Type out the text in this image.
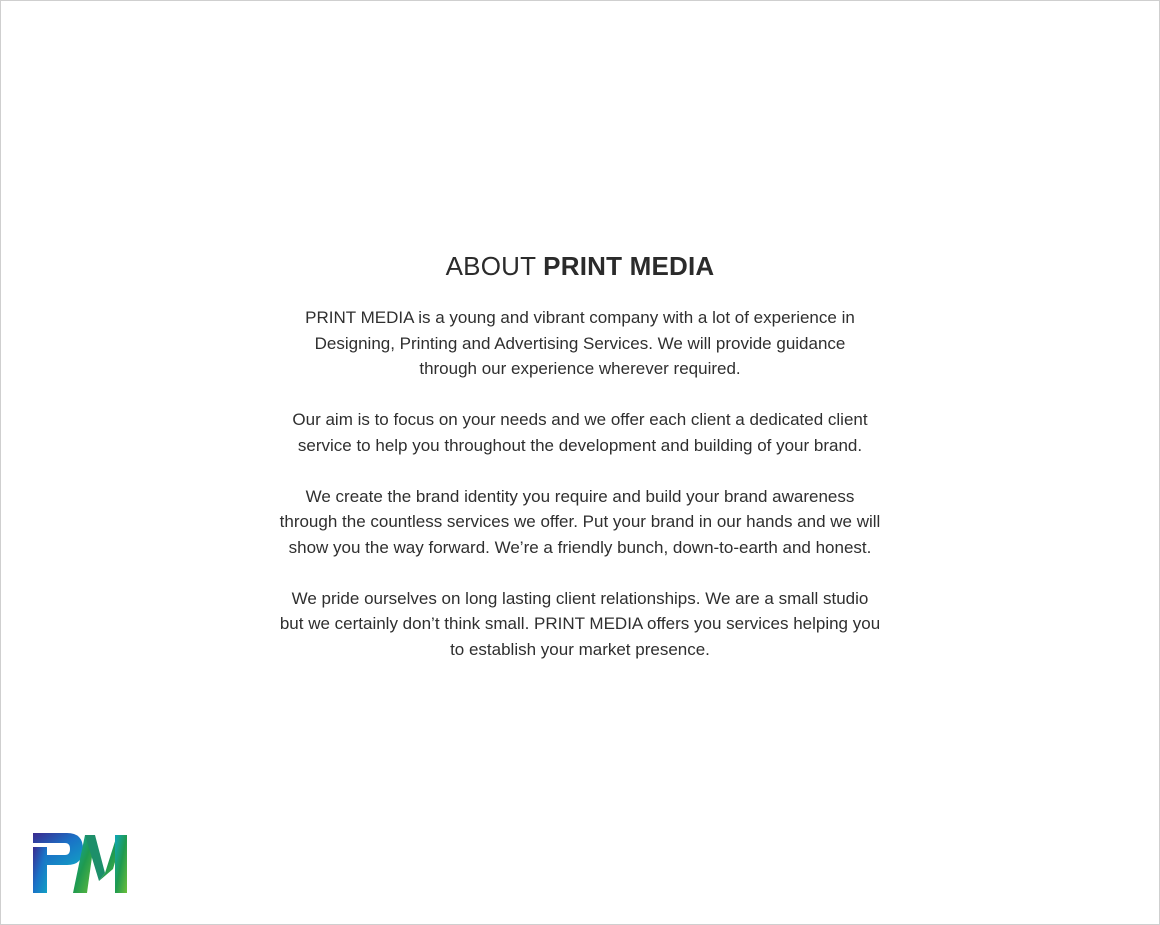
ABOUT PRINT MEDIA

PRINT MEDIA is a young and vibrant company with a lot of experience in
Designing, Printing and Advertising Services. We will provide guidance
through our experience wherever required.

Our aim is to focus on your needs and we offer each client a dedicated client
service to help you throughout the development and building of your brand.

We create the brand identity you require and build your brand awareness
through the countless services we offer. Put your brand in our hands and we will
show you the way forward. We’re a friendly bunch, down-to-earth and honest.

We pride ourselves on long lasting client relationships. We are a small studio
but we certainly don’t think small. PRINT MEDIA offers you services helping you
to establish your market presence.
